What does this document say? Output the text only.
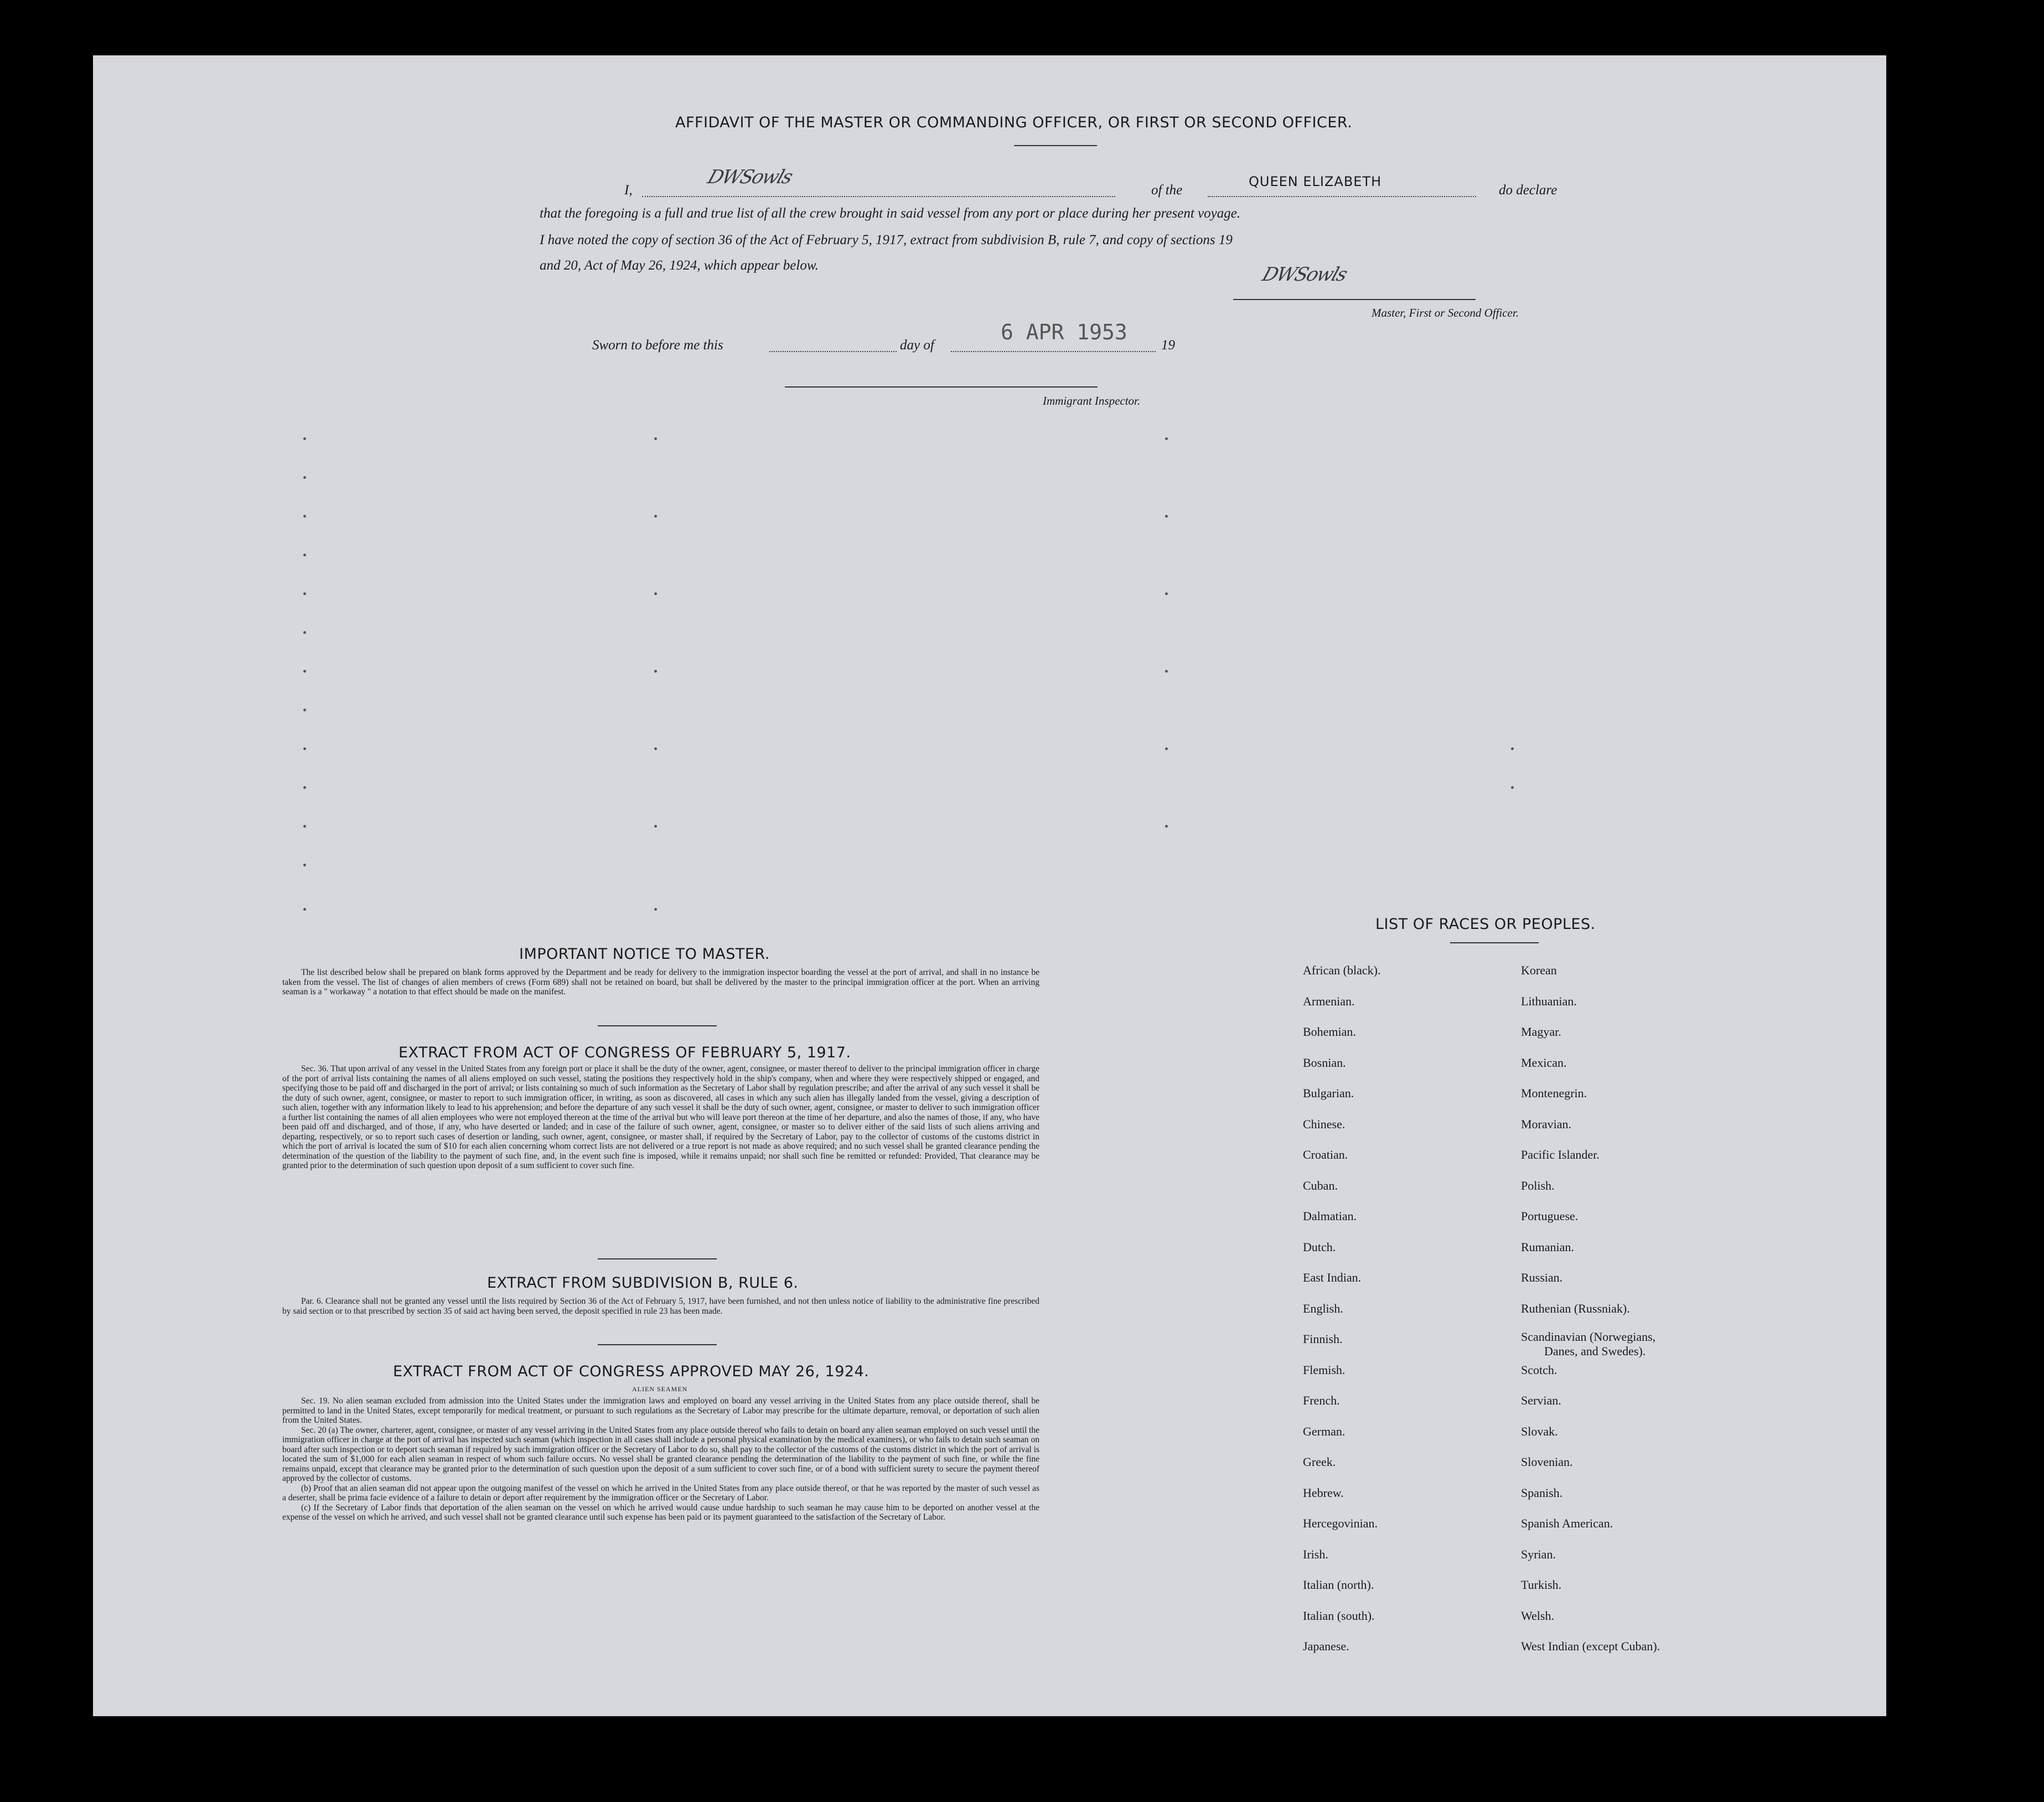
AFFIDAVIT OF THE MASTER OR COMMANDING OFFICER, OR FIRST OR SECOND OFFICER.
I,
DWSowls
of the
QUEEN ELIZABETH
do declare
that the foregoing is a full and true list of all the crew brought in said vessel from any port or place during her present voyage.
I have noted the copy of section 36 of the Act of February 5, 1917, extract from subdivision B, rule 7, and copy of sections 19
and 20, Act of May 26, 1924, which appear below.	DWSowls
Master, First or Second Officer.
Sworn to before me this	day of
6 APR 1953
19
Immigrant Inspector.
IMPORTANT NOTICE TO MASTER.

The list described below shall be prepared on blank forms approved by the Department and be ready for delivery to the immigration inspector boarding the vessel at the port of arrival, and shall in no instance be taken from the vessel. The list of changes of alien members of crews (Form 689) shall not be retained on board, but shall be delivered by the master to the principal immigration officer at the port. When an arriving seaman is a " workaway " a notation to that effect should be made on the manifest.

EXTRACT FROM ACT OF CONGRESS OF FEBRUARY 5, 1917.

Sec. 36. That upon arrival of any vessel in the United States from any foreign port or place it shall be the duty of the owner, agent, consignee, or master thereof to deliver to the principal immigration officer in charge of the port of arrival lists containing the names of all aliens employed on such vessel, stating the positions they respectively hold in the ship's company, when and where they were respectively shipped or engaged, and specifying those to be paid off and discharged in the port of arrival; or lists containing so much of such information as the Secretary of Labor shall by regulation prescribe; and after the arrival of any such vessel it shall be the duty of such owner, agent, consignee, or master to report to such immigration officer, in writing, as soon as discovered, all cases in which any such alien has illegally landed from the vessel, giving a description of such alien, together with any information likely to lead to his apprehension; and before the departure of any such vessel it shall be the duty of such owner, agent, consignee, or master to deliver to such immigration officer a further list containing the names of all alien employees who were not employed thereon at the time of the arrival but who will leave port thereon at the time of her departure, and also the names of those, if any, who have been paid off and discharged, and of those, if any, who have deserted or landed; and in case of the failure of such owner, agent, consignee, or master so to deliver either of the said lists of such aliens arriving and departing, respectively, or so to report such cases of desertion or landing, such owner, agent, consignee, or master shall, if required by the Secretary of Labor, pay to the collector of customs of the customs district in which the port of arrival is located the sum of $10 for each alien concerning whom correct lists are not delivered or a true report is not made as above required; and no such vessel shall be granted clearance pending the determination of the question of the liability to the payment of such fine, and, in the event such fine is imposed, while it remains unpaid; nor shall such fine be remitted or refunded: Provided, That clearance may be granted prior to the determination of such question upon deposit of a sum sufficient to cover such fine.

EXTRACT FROM SUBDIVISION B, RULE 6.

Par. 6. Clearance shall not be granted any vessel until the lists required by Section 36 of the Act of February 5, 1917, have been furnished, and not then unless notice of liability to the administrative fine prescribed by said section or to that prescribed by section 35 of said act having been served, the deposit specified in rule 23 has been made.

EXTRACT FROM ACT OF CONGRESS APPROVED MAY 26, 1924.
ALIEN SEAMEN

Sec. 19. No alien seaman excluded from admission into the United States under the immigration laws and employed on board any vessel arriving in the United States from any place outside thereof, shall be permitted to land in the United States, except temporarily for medical treatment, or pursuant to such regulations as the Secretary of Labor may prescribe for the ultimate departure, removal, or deportation of such alien from the United States.

Sec. 20 (a) The owner, charterer, agent, consignee, or master of any vessel arriving in the United States from any place outside thereof who fails to detain on board any alien seaman employed on such vessel until the immigration officer in charge at the port of arrival has inspected such seaman (which inspection in all cases shall include a personal physical examination by the medical examiners), or who fails to detain such seaman on board after such inspection or to deport such seaman if required by such immigration officer or the Secretary of Labor to do so, shall pay to the collector of the customs of the customs district in which the port of arrival is located the sum of $1,000 for each alien seaman in respect of whom such failure occurs. No vessel shall be granted clearance pending the determination of the liability to the payment of such fine, or while the fine remains unpaid, except that clearance may be granted prior to the determination of such question upon the deposit of a sum sufficient to cover such fine, or of a bond with sufficient surety to secure the payment thereof approved by the collector of customs.

(b) Proof that an alien seaman did not appear upon the outgoing manifest of the vessel on which he arrived in the United States from any place outside thereof, or that he was reported by the master of such vessel as a deserter, shall be prima facie evidence of a failure to detain or deport after requirement by the immigration officer or the Secretary of Labor.

(c) If the Secretary of Labor finds that deportation of the alien seaman on the vessel on which he arrived would cause undue hardship to such seaman he may cause him to be deported on another vessel at the expense of the vessel on which he arrived, and such vessel shall not be granted clearance until such expense has been paid or its payment guaranteed to the satisfaction of the Secretary of Labor.

LIST OF RACES OR PEOPLES.
African (black).
Armenian.
Bohemian.
Bosnian.
Bulgarian.
Chinese.
Croatian.
Cuban.
Dalmatian.
Dutch.
East Indian.
English.
Finnish.
Flemish.
French.
German.
Greek.
Hebrew.
Hercegovinian.
Irish.
Italian (north).
Italian (south).
Japanese.
Korean
Lithuanian.
Magyar.
Mexican.
Montenegrin.
Moravian.
Pacific Islander.
Polish.
Portuguese.
Rumanian.
Russian.
Ruthenian (Russniak).
Scandinavian (Norwegians,
Danes, and Swedes).
Scotch.
Servian.
Slovak.
Slovenian.
Spanish.
Spanish American.
Syrian.
Turkish.
Welsh.
West Indian (except Cuban).
